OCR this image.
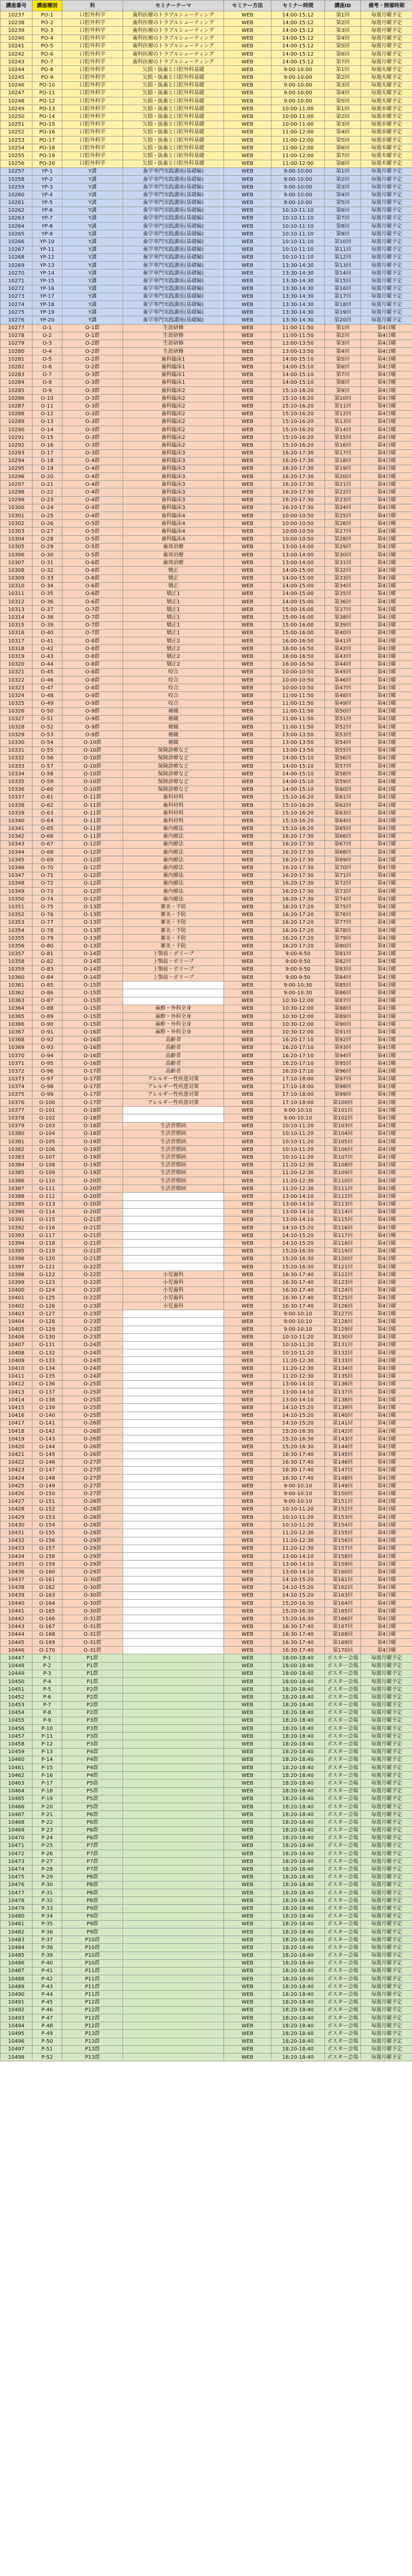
講座番号	講座種別	科	セミナーテーマ	セミナー方法	セミナー時間	講座ID	備考・開催時期
10237	PO-1	口腔外科学	歯科医療のトラブルシューティング	WEB	14:00-15:12	第1回	毎週月曜予定
10238	PO-2	口腔外科学	歯科医療のトラブルシューティング	WEB	14:00-15:12	第2回	毎週月曜予定
10239	PO-3	口腔外科学	歯科医療のトラブルシューティング	WEB	14:00-15:12	第3回	毎週月曜予定
10240	PO-4	口腔外科学	歯科医療のトラブルシューティング	WEB	14:00-15:12	第4回	毎週月曜予定
10241	PO-5	口腔外科学	歯科医療のトラブルシューティング	WEB	14:00-15:12	第5回	毎週月曜予定
10242	PO-6	口腔外科学	歯科医療のトラブルシューティング	WEB	14:00-15:12	第6回	毎週月曜予定
10243	PO-7	口腔外科学	歯科医療のトラブルシューティング	WEB	14:00-15:12	第7回	毎週月曜予定
10244	PO-8	口腔外科学	欠損・抜歯と口腔外科基礎	WEB	9:00-10:00	第1回	毎週火曜予定
10245	PO-9	口腔外科学	欠損・抜歯と口腔外科基礎	WEB	9:00-10:00	第2回	毎週火曜予定
10246	PO-10	口腔外科学	欠損・抜歯と口腔外科基礎	WEB	9:00-10:00	第3回	毎週火曜予定
10247	PO-11	口腔外科学	欠損・抜歯と口腔外科基礎	WEB	9:00-10:00	第4回	毎週火曜予定
10248	PO-12	口腔外科学	欠損・抜歯と口腔外科基礎	WEB	9:00-10:00	第5回	毎週火曜予定
10249	PO-13	口腔外科学	欠損・抜歯と口腔外科基礎	WEB	10:00-11:00	第1回	毎週水曜予定
10250	PO-14	口腔外科学	欠損・抜歯と口腔外科基礎	WEB	10:00-11:00	第2回	毎週水曜予定
10251	PO-15	口腔外科学	欠損・抜歯と口腔外科基礎	WEB	10:00-11:00	第3回	毎週水曜予定
10252	PO-16	口腔外科学	欠損・抜歯と口腔外科基礎	WEB	11:00-12:00	第4回	毎週水曜予定
10253	PO-17	口腔外科学	欠損・抜歯と口腔外科基礎	WEB	11:00-12:00	第5回	毎週水曜予定
10254	PO-18	口腔外科学	欠損・抜歯と口腔外科基礎	WEB	11:00-12:00	第6回	毎週木曜予定
10255	PO-19	口腔外科学	欠損・抜歯と口腔外科基礎	WEB	11:00-12:00	第7回	毎週木曜予定
10256	PO-20	口腔外科学	欠損・抜歯と口腔外科基礎	WEB	11:00-12:00	第8回	毎週木曜予定
10257	YP-1	Y講	歯学専門実践講座(基礎編)	WEB	9:00-10:00	第1回	毎週月曜予定
10258	YP-2	Y講	歯学専門実践講座(基礎編)	WEB	9:00-10:00	第2回	毎週月曜予定
10259	YP-3	Y講	歯学専門実践講座(基礎編)	WEB	9:00-10:00	第3回	毎週月曜予定
10260	YP-4	Y講	歯学専門実践講座(基礎編)	WEB	9:00-10:00	第4回	毎週月曜予定
10261	YP-5	Y講	歯学専門実践講座(基礎編)	WEB	9:00-10:00	第5回	毎週月曜予定
10262	YP-6	Y講	歯学専門実践講座(基礎編)	WEB	10:10-11:10	第6回	毎週月曜予定
10263	YP-7	Y講	歯学専門実践講座(基礎編)	WEB	10:10-11:10	第7回	毎週月曜予定
10264	YP-8	Y講	歯学専門実践講座(基礎編)	WEB	10:10-11:10	第8回	毎週月曜予定
10265	YP-9	Y講	歯学専門実践講座(基礎編)	WEB	10:10-11:10	第9回	毎週月曜予定
10266	YP-10	Y講	歯学専門実践講座(基礎編)	WEB	10:10-11:10	第10回	毎週月曜予定
10267	YP-11	Y講	歯学専門実践講座(基礎編)	WEB	10:10-11:10	第11回	毎週月曜予定
10268	YP-12	Y講	歯学専門実践講座(基礎編)	WEB	10:10-11:10	第12回	毎週月曜予定
10269	YP-13	Y講	歯学専門実践講座(基礎編)	WEB	13:30-14:30	第13回	毎週月曜予定
10270	YP-14	Y講	歯学専門実践講座(基礎編)	WEB	13:30-14:30	第14回	毎週月曜予定
10271	YP-15	Y講	歯学専門実践講座(基礎編)	WEB	13:30-14:30	第15回	毎週月曜予定
10272	YP-16	Y講	歯学専門実践講座(基礎編)	WEB	13:30-14:30	第16回	毎週月曜予定
10273	YP-17	Y講	歯学専門実践講座(基礎編)	WEB	13:30-14:30	第17回	毎週月曜予定
10274	YP-18	Y講	歯学専門実践講座(基礎編)	WEB	13:30-14:30	第18回	毎週月曜予定
10275	YP-19	Y講	歯学専門実践講座(基礎編)	WEB	13:30-14:30	第19回	毎週月曜予定
10276	YP-20	Y講	歯学専門実践講座(基礎編)	WEB	13:30-14:30	第20回	毎週月曜予定
10277	O-1	O-1群	生涯研修	WEB	11:00-11:50	第1回	第4日曜
10278	O-2	O-1群	生涯研修	WEB	11:00-11:50	第2回	第4日曜
10279	O-3	O-2群	生涯研修	WEB	13:00-13:50	第3回	第4日曜
10280	O-4	O-2群	生涯研修	WEB	13:00-13:50	第4回	第4日曜
10281	O-5	O-2群	歯科臨床1	WEB	14:00-15:10	第5回	第4日曜
10282	O-6	O-2群	歯科臨床1	WEB	14:00-15:10	第6回	第4日曜
10283	O-7	O-3群	歯科臨床1	WEB	14:00-15:10	第7回	第4日曜
10284	O-8	O-3群	歯科臨床1	WEB	14:00-15:10	第8回	第4日曜
10285	O-9	O-3群	歯科臨床2	WEB	15:10-16:20	第9回	第4日曜
10286	O-10	O-3群	歯科臨床2	WEB	15:10-16:20	第10回	第4日曜
10287	O-11	O-3群	歯科臨床2	WEB	15:10-16:20	第11回	第4日曜
10288	O-12	O-3群	歯科臨床2	WEB	15:10-16:20	第12回	第4日曜
10289	O-13	O-3群	歯科臨床2	WEB	15:10-16:20	第13回	第4日曜
10290	O-14	O-3群	歯科臨床2	WEB	15:10-16:20	第14回	第4日曜
10291	O-15	O-3群	歯科臨床2	WEB	15:10-16:20	第15回	第4日曜
10292	O-16	O-3群	歯科臨床2	WEB	15:10-16:20	第16回	第4日曜
10293	O-17	O-3群	歯科臨床3	WEB	16:20-17:30	第17回	第4日曜
10294	O-18	O-4群	歯科臨床3	WEB	16:20-17:30	第18回	第4日曜
10295	O-19	O-4群	歯科臨床3	WEB	16:20-17:30	第19回	第4日曜
10296	O-20	O-4群	歯科臨床3	WEB	16:20-17:30	第20回	第4日曜
10297	O-21	O-4群	歯科臨床3	WEB	16:20-17:30	第21回	第4日曜
10298	O-22	O-4群	歯科臨床3	WEB	16:20-17:30	第22回	第4日曜
10299	O-23	O-4群	歯科臨床3	WEB	16:20-17:30	第23回	第4日曜
10300	O-24	O-4群	歯科臨床3	WEB	16:20-17:30	第24回	第4日曜
10301	O-25	O-4群	歯科臨床4	WEB	10:00-10:50	第25回	第4日曜
10302	O-26	O-5群	歯科臨床4	WEB	10:00-10:50	第26回	第4日曜
10303	O-27	O-5群	歯科臨床4	WEB	10:00-10:50	第27回	第4日曜
10304	O-28	O-5群	歯科臨床4	WEB	10:00-10:50	第28回	第4日曜
10305	O-29	O-5群	歯周治療	WEB	13:00-14:00	第29回	第4日曜
10306	O-30	O-5群	歯周治療	WEB	13:00-14:00	第30回	第4日曜
10307	O-31	O-6群	歯周治療	WEB	13:00-14:00	第31回	第4日曜
10308	O-32	O-6群	矯正	WEB	14:00-15:00	第32回	第4日曜
10309	O-33	O-6群	矯正	WEB	14:00-15:00	第33回	第4日曜
10310	O-34	O-6群	矯正	WEB	14:00-15:00	第34回	第4日曜
10311	O-35	O-6群	矯正1	WEB	14:00-15:00	第35回	第4日曜
10312	O-36	O-6群	矯正1	WEB	14:00-15:00	第36回	第4日曜
10313	O-37	O-7群	矯正1	WEB	15:00-16:00	第37回	第4日曜
10314	O-38	O-7群	矯正1	WEB	15:00-16:00	第38回	第4日曜
10315	O-39	O-7群	矯正1	WEB	15:00-16:00	第39回	第4日曜
10316	O-40	O-7群	矯正1	WEB	15:00-16:00	第40回	第4日曜
10317	O-41	O-8群	矯正2	WEB	16:00-16:50	第41回	第4日曜
10318	O-42	O-8群	矯正2	WEB	16:00-16:50	第42回	第4日曜
10319	O-43	O-8群	矯正2	WEB	16:00-16:50	第43回	第4日曜
10320	O-44	O-8群	矯正2	WEB	16:00-16:50	第44回	第4日曜
10321	O-45	O-8群	咬合	WEB	10:00-10:50	第45回	第4日曜
10322	O-46	O-8群	咬合	WEB	10:00-10:50	第46回	第4日曜
10323	O-47	O-8群	咬合	WEB	10:00-10:50	第47回	第4日曜
10324	O-48	O-9群	咬合	WEB	11:00-11:50	第48回	第4日曜
10325	O-49	O-9群	咬合	WEB	11:00-11:50	第49回	第4日曜
10326	O-50	O-9群	補綴	WEB	11:00-11:50	第50回	第4日曜
10327	O-51	O-9群	補綴	WEB	11:00-11:50	第51回	第4日曜
10328	O-52	O-9群	補綴	WEB	11:00-11:50	第52回	第4日曜
10329	O-53	O-9群	補綴	WEB	13:00-13:50	第53回	第4日曜
10330	O-54	O-10群	補綴	WEB	13:00-13:50	第54回	第4日曜
10331	O-55	O-10群	保険診療など	WEB	13:00-13:50	第55回	第4日曜
10332	O-56	O-10群	保険診療など	WEB	14:00-15:10	第56回	第4日曜
10333	O-57	O-10群	保険診療など	WEB	14:00-15:10	第57回	第4日曜
10334	O-58	O-10群	保険診療など	WEB	14:00-15:10	第58回	第4日曜
10335	O-59	O-10群	保険診療など	WEB	14:00-15:10	第59回	第4日曜
10336	O-60	O-10群	保険診療など	WEB	14:00-15:10	第60回	第4日曜
10337	O-61	O-11群	歯科材料	WEB	15:10-16:20	第61回	第4日曜
10338	O-62	O-11群	歯科材料	WEB	15:10-16:20	第62回	第4日曜
10339	O-63	O-11群	歯科材料	WEB	15:10-16:20	第63回	第4日曜
10340	O-64	O-11群	歯科材料	WEB	15:10-16:20	第64回	第4日曜
10341	O-65	O-11群	歯内療法	WEB	15:10-16:20	第65回	第4日曜
10342	O-66	O-11群	歯内療法	WEB	16:20-17:30	第66回	第4日曜
10343	O-67	O-12群	歯内療法	WEB	16:20-17:30	第67回	第4日曜
10344	O-68	O-12群	歯内療法	WEB	16:20-17:30	第68回	第4日曜
10345	O-69	O-12群	歯内療法	WEB	16:20-17:30	第69回	第4日曜
10346	O-70	O-12群	歯内療法	WEB	16:20-17:30	第70回	第4日曜
10347	O-71	O-12群	歯内療法	WEB	16:20-17:30	第71回	第4日曜
10348	O-72	O-12群	歯内療法	WEB	16:20-17:30	第72回	第4日曜
10349	O-73	O-12群	歯内療法	WEB	16:20-17:30	第73回	第4日曜
10350	O-74	O-12群	歯内療法	WEB	16:20-17:30	第74回	第4日曜
10351	O-75	O-13群	審美・予防	WEB	16:20-17:20	第75回	第4日曜
10352	O-76	O-13群	審美・予防	WEB	16:20-17:20	第76回	第4日曜
10353	O-77	O-13群	審美・予防	WEB	16:20-17:20	第77回	第4日曜
10354	O-78	O-13群	審美・予防	WEB	16:20-17:20	第78回	第4日曜
10355	O-79	O-13群	審美・予防	WEB	16:20-17:20	第79回	第4日曜
10356	O-80	O-13群	審美・予防	WEB	16:20-17:20	第80回	第4日曜
10357	O-81	O-14群	上顎前・ポリープ	WEB	9:00-9:50	第81回	第4日曜
10358	O-82	O-14群	上顎前・ポリープ	WEB	9:00-9:50	第82回	第4日曜
10359	O-83	O-14群	上顎前・ポリープ	WEB	9:00-9:50	第83回	第4日曜
10360	O-84	O-14群	上顎前・ポリープ	WEB	9:00-9:50	第84回	第4日曜
10361	O-85	O-15群		WEB	9:00-10:30	第85回	第4日曜
10362	O-86	O-15群		WEB	9:00-10:30	第86回	第4日曜
10363	O-87	O-15群		WEB	10:30-12:00	第87回	第4日曜
10364	O-88	O-15群	麻酔・外科全身	WEB	10:30-12:00	第88回	第4日曜
10365	O-89	O-15群	麻酔・外科全身	WEB	10:30-12:00	第89回	第4日曜
10366	O-90	O-15群	麻酔・外科全身	WEB	10:30-12:00	第90回	第4日曜
10367	O-91	O-16群	麻酔・外科全身	WEB	10:30-12:00	第91回	第4日曜
10368	O-92	O-16群	高齢者	WEB	16:20-17:10	第92回	第4日曜
10369	O-93	O-16群	高齢者	WEB	16:20-17:10	第93回	第4日曜
10370	O-94	O-16群	高齢者	WEB	16:20-17:10	第94回	第4日曜
10371	O-95	O-16群	高齢者	WEB	16:20-17:10	第95回	第4日曜
10372	O-96	O-17群	高齢者	WEB	16:20-17:10	第96回	第4日曜
10373	O-97	O-17群	アレルギー性疾患対策	WEB	17:10-18:00	第97回	第4日曜
10374	O-98	O-17群	アレルギー性疾患対策	WEB	17:10-18:00	第98回	第4日曜
10375	O-99	O-17群	アレルギー性疾患対策	WEB	17:10-18:00	第99回	第4日曜
10376	O-100	O-17群	アレルギー性疾患対策	WEB	17:10-18:00	第100回	第4日曜
10377	O-101	O-18群		WEB	9:00-10:10	第101回	第4日曜
10378	O-102	O-18群		WEB	9:00-10:10	第102回	第4日曜
10379	O-103	O-18群	生活習慣病	WEB	10:10-11:20	第103回	第4日曜
10380	O-104	O-18群	生活習慣病	WEB	10:10-11:20	第104回	第4日曜
10381	O-105	O-19群	生活習慣病	WEB	10:10-11:20	第105回	第4日曜
10382	O-106	O-19群	生活習慣病	WEB	10:10-11:20	第106回	第4日曜
10383	O-107	O-19群	生活習慣病	WEB	10:10-11:20	第107回	第4日曜
10384	O-108	O-19群	生活習慣病	WEB	11:20-12:30	第108回	第4日曜
10385	O-109	O-19群	生活習慣病	WEB	11:20-12:30	第109回	第4日曜
10386	O-110	O-20群	生活習慣病	WEB	11:20-12:30	第110回	第4日曜
10387	O-111	O-20群	生活習慣病	WEB	11:20-12:30	第111回	第4日曜
10388	O-112	O-20群		WEB	13:00-14:10	第112回	第4日曜
10389	O-113	O-20群		WEB	13:00-14:10	第113回	第4日曜
10390	O-114	O-20群		WEB	13:00-14:10	第114回	第4日曜
10391	O-115	O-21群		WEB	13:00-14:10	第115回	第4日曜
10392	O-116	O-21群		WEB	14:10-15:20	第116回	第4日曜
10393	O-117	O-21群		WEB	14:10-15:20	第117回	第4日曜
10394	O-118	O-21群		WEB	14:10-15:20	第118回	第4日曜
10395	O-119	O-21群		WEB	15:20-16:30	第119回	第4日曜
10396	O-120	O-21群		WEB	15:20-16:30	第120回	第4日曜
10397	O-121	O-22群		WEB	15:20-16:30	第121回	第4日曜
10398	O-122	O-22群	小児歯科	WEB	16:30-17:40	第122回	第4日曜
10399	O-123	O-22群	小児歯科	WEB	16:30-17:40	第123回	第4日曜
10400	O-124	O-22群	小児歯科	WEB	16:30-17:40	第124回	第4日曜
10401	O-125	O-22群	小児歯科	WEB	16:30-17:40	第125回	第4日曜
10402	O-126	O-23群	小児歯科	WEB	16:30-17:40	第126回	第4日曜
10403	O-127	O-23群		WEB	9:00-10:10	第127回	第4日曜
10404	O-128	O-23群		WEB	9:00-10:10	第128回	第4日曜
10405	O-129	O-23群		WEB	9:00-10:10	第129回	第4日曜
10406	O-130	O-23群		WEB	10:10-11:20	第130回	第4日曜
10407	O-131	O-24群		WEB	10:10-11:20	第131回	第4日曜
10408	O-132	O-24群		WEB	10:10-11:20	第132回	第4日曜
10409	O-133	O-24群		WEB	11:20-12:30	第133回	第4日曜
10410	O-134	O-24群		WEB	11:20-12:30	第134回	第4日曜
10411	O-135	O-24群		WEB	11:20-12:30	第135回	第4日曜
10412	O-136	O-25群		WEB	13:00-14:10	第136回	第4日曜
10413	O-137	O-25群		WEB	13:00-14:10	第137回	第4日曜
10414	O-138	O-25群		WEB	13:00-14:10	第138回	第4日曜
10415	O-139	O-25群		WEB	14:10-15:20	第139回	第4日曜
10416	O-140	O-25群		WEB	14:10-15:20	第140回	第4日曜
10417	O-141	O-26群		WEB	14:10-15:20	第141回	第4日曜
10418	O-142	O-26群		WEB	15:20-16:30	第142回	第4日曜
10419	O-143	O-26群		WEB	15:20-16:30	第143回	第4日曜
10420	O-144	O-26群		WEB	15:20-16:30	第144回	第4日曜
10421	O-145	O-26群		WEB	16:30-17:40	第145回	第4日曜
10422	O-146	O-27群		WEB	16:30-17:40	第146回	第4日曜
10423	O-147	O-27群		WEB	16:30-17:40	第147回	第4日曜
10424	O-148	O-27群		WEB	16:30-17:40	第148回	第4日曜
10425	O-149	O-27群		WEB	9:00-10:10	第149回	第4日曜
10426	O-150	O-27群		WEB	9:00-10:10	第150回	第4日曜
10427	O-151	O-28群		WEB	9:00-10:10	第151回	第4日曜
10428	O-152	O-28群		WEB	10:10-11:20	第152回	第4日曜
10429	O-153	O-28群		WEB	10:10-11:20	第153回	第4日曜
10430	O-154	O-28群		WEB	10:10-11:20	第154回	第4日曜
10431	O-155	O-28群		WEB	11:20-12:30	第155回	第4日曜
10432	O-156	O-29群		WEB	11:20-12:30	第156回	第4日曜
10433	O-157	O-29群		WEB	11:20-12:30	第157回	第4日曜
10434	O-158	O-29群		WEB	13:00-14:10	第158回	第4日曜
10435	O-159	O-29群		WEB	13:00-14:10	第159回	第4日曜
10436	O-160	O-29群		WEB	13:00-14:10	第160回	第4日曜
10437	O-161	O-30群		WEB	14:10-15:20	第161回	第4日曜
10438	O-162	O-30群		WEB	14:10-15:20	第162回	第4日曜
10439	O-163	O-30群		WEB	14:10-15:20	第163回	第4日曜
10440	O-164	O-30群		WEB	15:20-16:30	第164回	第4日曜
10441	O-165	O-30群		WEB	15:20-16:30	第165回	第4日曜
10442	O-166	O-31群		WEB	15:20-16:30	第166回	第4日曜
10443	O-167	O-31群		WEB	16:30-17:40	第167回	第4日曜
10444	O-168	O-31群		WEB	16:30-17:40	第168回	第4日曜
10445	O-169	O-31群		WEB	16:30-17:40	第169回	第4日曜
10446	O-170	O-31群		WEB	16:30-17:40	第170回	第4日曜
10447	P-1	P1群		WEB	18:00-18:40	ポスター会場	毎週月曜予定
10448	P-2	P1群		WEB	18:00-18:40	ポスター会場	毎週月曜予定
10449	P-3	P1群		WEB	18:00-18:40	ポスター会場	毎週月曜予定
10450	P-4	P1群		WEB	18:00-18:40	ポスター会場	毎週月曜予定
10451	P-5	P2群		WEB	18:20-18:40	ポスター会場	毎週月曜予定
10452	P-6	P2群		WEB	18:20-18:40	ポスター会場	毎週月曜予定
10453	P-7	P2群		WEB	18:20-18:40	ポスター会場	毎週月曜予定
10454	P-8	P2群		WEB	18:20-18:40	ポスター会場	毎週月曜予定
10455	P-9	P3群		WEB	18:20-18:40	ポスター会場	毎週月曜予定
10456	P-10	P3群		WEB	18:20-18:40	ポスター会場	毎週月曜予定
10457	P-11	P3群		WEB	18:20-18:40	ポスター会場	毎週月曜予定
10458	P-12	P3群		WEB	18:20-18:40	ポスター会場	毎週月曜予定
10459	P-13	P4群		WEB	18:20-18:40	ポスター会場	毎週月曜予定
10460	P-14	P4群		WEB	18:20-18:40	ポスター会場	毎週月曜予定
10461	P-15	P4群		WEB	18:20-18:40	ポスター会場	毎週月曜予定
10462	P-16	P4群		WEB	18:20-18:40	ポスター会場	毎週月曜予定
10463	P-17	P5群		WEB	18:20-18:40	ポスター会場	毎週月曜予定
10464	P-18	P5群		WEB	18:20-18:40	ポスター会場	毎週月曜予定
10465	P-19	P5群		WEB	18:20-18:40	ポスター会場	毎週月曜予定
10466	P-20	P5群		WEB	18:20-18:40	ポスター会場	毎週月曜予定
10467	P-21	P6群		WEB	18:20-18:40	ポスター会場	毎週月曜予定
10468	P-22	P6群		WEB	18:20-18:40	ポスター会場	毎週月曜予定
10469	P-23	P6群		WEB	18:20-18:40	ポスター会場	毎週月曜予定
10470	P-24	P6群		WEB	18:20-18:40	ポスター会場	毎週月曜予定
10471	P-25	P7群		WEB	18:20-18:40	ポスター会場	毎週月曜予定
10472	P-26	P7群		WEB	18:20-18:40	ポスター会場	毎週月曜予定
10473	P-27	P7群		WEB	18:20-18:40	ポスター会場	毎週月曜予定
10474	P-28	P7群		WEB	18:20-18:40	ポスター会場	毎週月曜予定
10475	P-29	P8群		WEB	18:20-18:40	ポスター会場	毎週月曜予定
10476	P-30	P8群		WEB	18:20-18:40	ポスター会場	毎週月曜予定
10477	P-31	P8群		WEB	18:20-18:40	ポスター会場	毎週月曜予定
10478	P-32	P8群		WEB	18:20-18:40	ポスター会場	毎週月曜予定
10479	P-33	P9群		WEB	18:20-18:40	ポスター会場	毎週月曜予定
10480	P-34	P9群		WEB	18:20-18:40	ポスター会場	毎週月曜予定
10481	P-35	P9群		WEB	18:20-18:40	ポスター会場	毎週月曜予定
10482	P-36	P9群		WEB	18:20-18:40	ポスター会場	毎週月曜予定
10483	P-37	P10群		WEB	18:20-18:40	ポスター会場	毎週月曜予定
10484	P-38	P10群		WEB	18:20-18:40	ポスター会場	毎週月曜予定
10485	P-39	P10群		WEB	18:20-18:40	ポスター会場	毎週月曜予定
10486	P-40	P10群		WEB	18:20-18:40	ポスター会場	毎週月曜予定
10487	P-41	P11群		WEB	18:20-18:40	ポスター会場	毎週月曜予定
10488	P-42	P11群		WEB	18:20-18:40	ポスター会場	毎週月曜予定
10489	P-43	P11群		WEB	18:20-18:40	ポスター会場	毎週月曜予定
10490	P-44	P11群		WEB	18:20-18:40	ポスター会場	毎週月曜予定
10491	P-45	P12群		WEB	18:20-18:40	ポスター会場	毎週月曜予定
10492	P-46	P12群		WEB	18:20-18:40	ポスター会場	毎週月曜予定
10493	P-47	P12群		WEB	18:20-18:40	ポスター会場	毎週月曜予定
10494	P-48	P12群		WEB	18:20-18:40	ポスター会場	毎週月曜予定
10495	P-49	P13群		WEB	18:20-18:40	ポスター会場	毎週月曜予定
10496	P-50	P13群		WEB	18:20-18:40	ポスター会場	毎週月曜予定
10497	P-51	P13群		WEB	18:20-18:40	ポスター会場	毎週月曜予定
10498	P-52	P13群		WEB	18:20-18:40	ポスター会場	毎週月曜予定
